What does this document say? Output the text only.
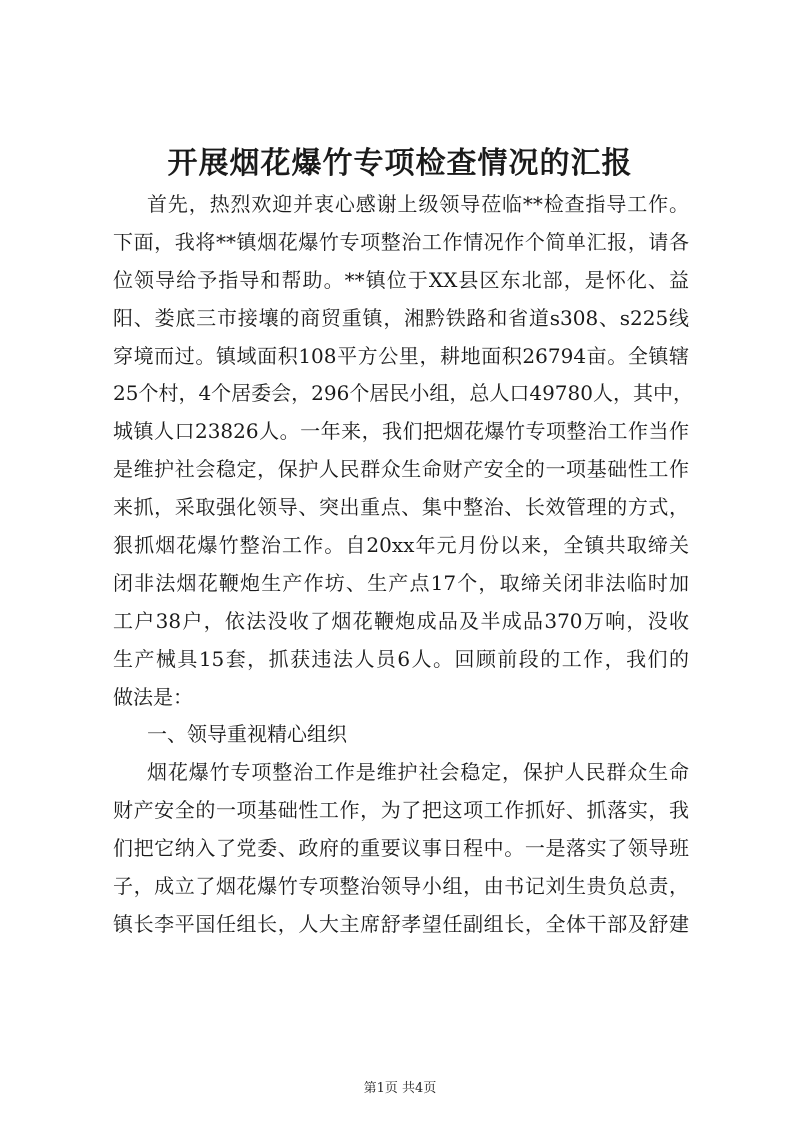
开展烟花爆竹专项检查情况的汇报
首先，热烈欢迎并衷心感谢上级领导莅临**检查指导工作。
下面，我将**镇烟花爆竹专项整治工作情况作个简单汇报，请各
位领导给予指导和帮助。**镇位于XX县区东北部，是怀化、益
阳、娄底三市接壤的商贸重镇，湘黔铁路和省道s308、s225线
穿境而过。镇域面积108平方公里，耕地面积26794亩。全镇辖
25个村，4个居委会，296个居民小组，总人口49780人，其中，
城镇人口23826人。一年来，我们把烟花爆竹专项整治工作当作
是维护社会稳定，保护人民群众生命财产安全的一项基础性工作
来抓，采取强化领导、突出重点、集中整治、长效管理的方式，
狠抓烟花爆竹整治工作。自20xx年元月份以来，全镇共取缔关
闭非法烟花鞭炮生产作坊、生产点17个，取缔关闭非法临时加
工户38户，依法没收了烟花鞭炮成品及半成品370万响，没收
生产械具15套，抓获违法人员6人。回顾前段的工作，我们的
做法是：
一、领导重视精心组织
烟花爆竹专项整治工作是维护社会稳定，保护人民群众生命
财产安全的一项基础性工作，为了把这项工作抓好、抓落实，我
们把它纳入了党委、政府的重要议事日程中。一是落实了领导班
子，成立了烟花爆竹专项整治领导小组，由书记刘生贵负总责，
镇长李平国任组长，人大主席舒孝望任副组长，全体干部及舒建
第1页 共4页
